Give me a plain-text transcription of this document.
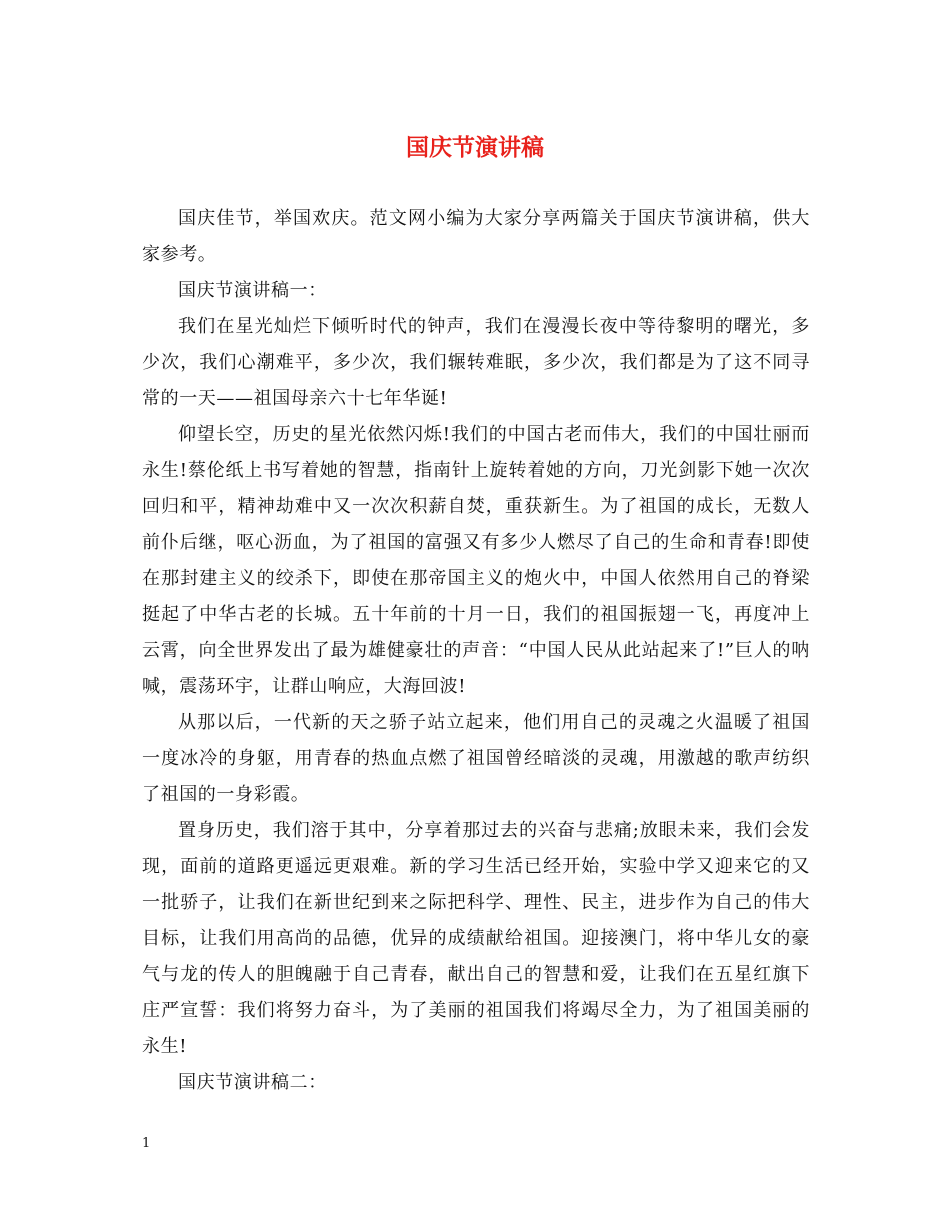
国庆节演讲稿

国庆佳节，举国欢庆。范文网小编为大家分享两篇关于国庆节演讲稿，供大家参考。

国庆节演讲稿一：

我们在星光灿烂下倾听时代的钟声，我们在漫漫长夜中等待黎明的曙光，多少次，我们心潮难平，多少次，我们辗转难眠，多少次，我们都是为了这不同寻常的一天——祖国母亲六十七年华诞!

仰望长空，历史的星光依然闪烁!我们的中国古老而伟大，我们的中国壮丽而永生!蔡伦纸上书写着她的智慧，指南针上旋转着她的方向，刀光剑影下她一次次回归和平，精神劫难中又一次次积薪自焚，重获新生。为了祖国的成长，无数人前仆后继，呕心沥血，为了祖国的富强又有多少人燃尽了自己的生命和青春!即使在那封建主义的绞杀下，即使在那帝国主义的炮火中，中国人依然用自己的脊梁挺起了中华古老的长城。五十年前的十月一日，我们的祖国振翅一飞，再度冲上云霄，向全世界发出了最为雄健豪壮的声音：“中国人民从此站起来了!”巨人的呐喊，震荡环宇，让群山响应，大海回波!

从那以后，一代新的天之骄子站立起来，他们用自己的灵魂之火温暖了祖国一度冰冷的身躯，用青春的热血点燃了祖国曾经暗淡的灵魂，用激越的歌声纺织了祖国的一身彩霞。

置身历史，我们溶于其中，分享着那过去的兴奋与悲痛;放眼未来，我们会发现，面前的道路更遥远更艰难。新的学习生活已经开始，实验中学又迎来它的又一批骄子，让我们在新世纪到来之际把科学、理性、民主，进步作为自己的伟大目标，让我们用高尚的品德，优异的成绩献给祖国。迎接澳门，将中华儿女的豪气与龙的传人的胆魄融于自己青春，献出自己的智慧和爱，让我们在五星红旗下庄严宣誓：我们将努力奋斗，为了美丽的祖国我们将竭尽全力，为了祖国美丽的永生!

国庆节演讲稿二：

1
